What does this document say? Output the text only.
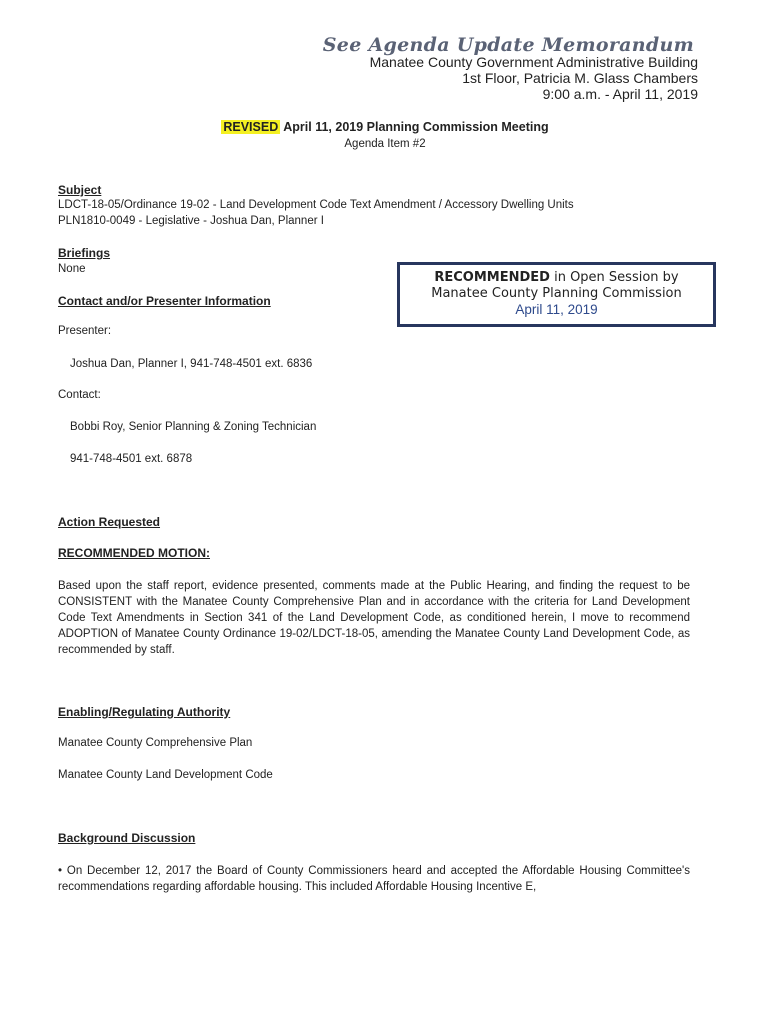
See Agenda Update Memorandum
Manatee County Government Administrative Building
1st Floor, Patricia M. Glass Chambers
9:00 a.m. - April 11, 2019
REVISED April 11, 2019 Planning Commission Meeting
Agenda Item #2
Subject
LDCT-18-05/Ordinance 19-02 - Land Development Code Text Amendment / Accessory Dwelling Units
PLN1810-0049 - Legislative - Joshua Dan, Planner I
Briefings
None
RECOMMENDED in Open Session by
Manatee County Planning Commission
April 11, 2019
Contact and/or Presenter Information
Presenter:
Joshua Dan, Planner I, 941-748-4501 ext. 6836
Contact:
Bobbi Roy, Senior Planning & Zoning Technician
941-748-4501 ext. 6878
Action Requested
RECOMMENDED MOTION:
Based upon the staff report, evidence presented, comments made at the Public Hearing, and finding the request to be CONSISTENT with the Manatee County Comprehensive Plan and in accordance with the criteria for Land Development Code Text Amendments in Section 341 of the Land Development Code, as conditioned herein, I move to recommend ADOPTION of Manatee County Ordinance 19-02/LDCT-18-05, amending the Manatee County Land Development Code, as recommended by staff.
Enabling/Regulating Authority
Manatee County Comprehensive Plan
Manatee County Land Development Code
Background Discussion
• On December 12, 2017 the Board of County Commissioners heard and accepted the Affordable Housing Committee's recommendations regarding affordable housing. This included Affordable Housing Incentive E,
